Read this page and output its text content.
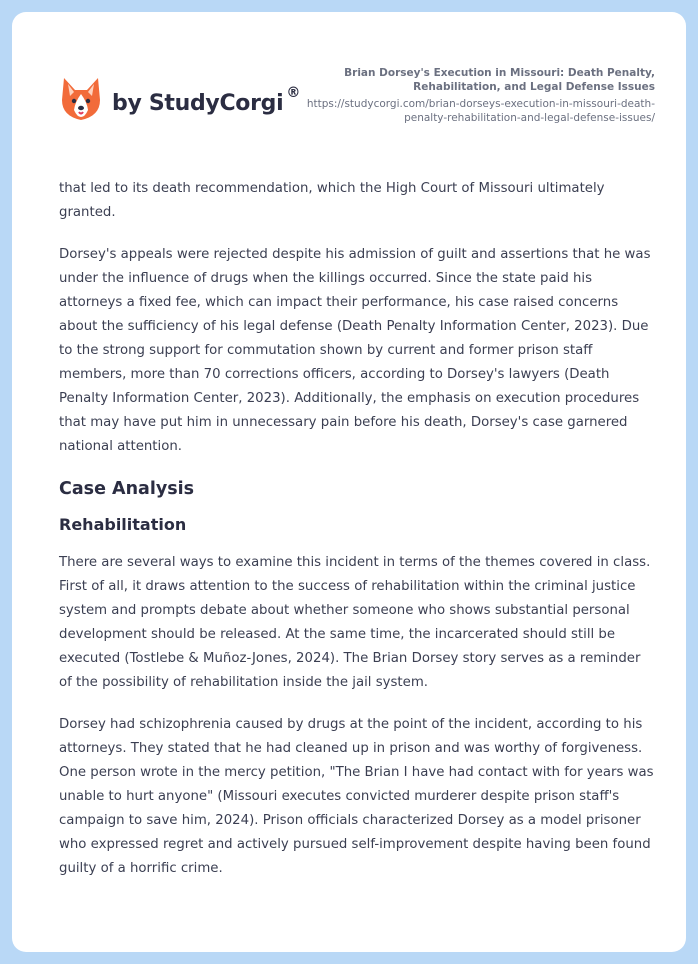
by StudyCorgi ®
Brian Dorsey's Execution in Missouri: Death Penalty, Rehabilitation, and Legal Defense Issues
https://studycorgi.com/brian-dorseys-execution-in-missouri-death-penalty-rehabilitation-and-legal-defense-issues/

that led to its death recommendation, which the High Court of Missouri ultimately granted.

Dorsey's appeals were rejected despite his admission of guilt and assertions that he was under the influence of drugs when the killings occurred. Since the state paid his attorneys a fixed fee, which can impact their performance, his case raised concerns about the sufficiency of his legal defense (Death Penalty Information Center, 2023). Due to the strong support for commutation shown by current and former prison staff members, more than 70 corrections officers, according to Dorsey's lawyers (Death Penalty Information Center, 2023). Additionally, the emphasis on execution procedures that may have put him in unnecessary pain before his death, Dorsey's case garnered national attention.

Case Analysis
Rehabilitation

There are several ways to examine this incident in terms of the themes covered in class. First of all, it draws attention to the success of rehabilitation within the criminal justice system and prompts debate about whether someone who shows substantial personal development should be released. At the same time, the incarcerated should still be executed (Tostlebe & Muñoz-Jones, 2024). The Brian Dorsey story serves as a reminder of the possibility of rehabilitation inside the jail system.

Dorsey had schizophrenia caused by drugs at the point of the incident, according to his attorneys. They stated that he had cleaned up in prison and was worthy of forgiveness. One person wrote in the mercy petition, "The Brian I have had contact with for years was unable to hurt anyone" (Missouri executes convicted murderer despite prison staff's campaign to save him, 2024). Prison officials characterized Dorsey as a model prisoner who expressed regret and actively pursued self-improvement despite having been found guilty of a horrific crime.
